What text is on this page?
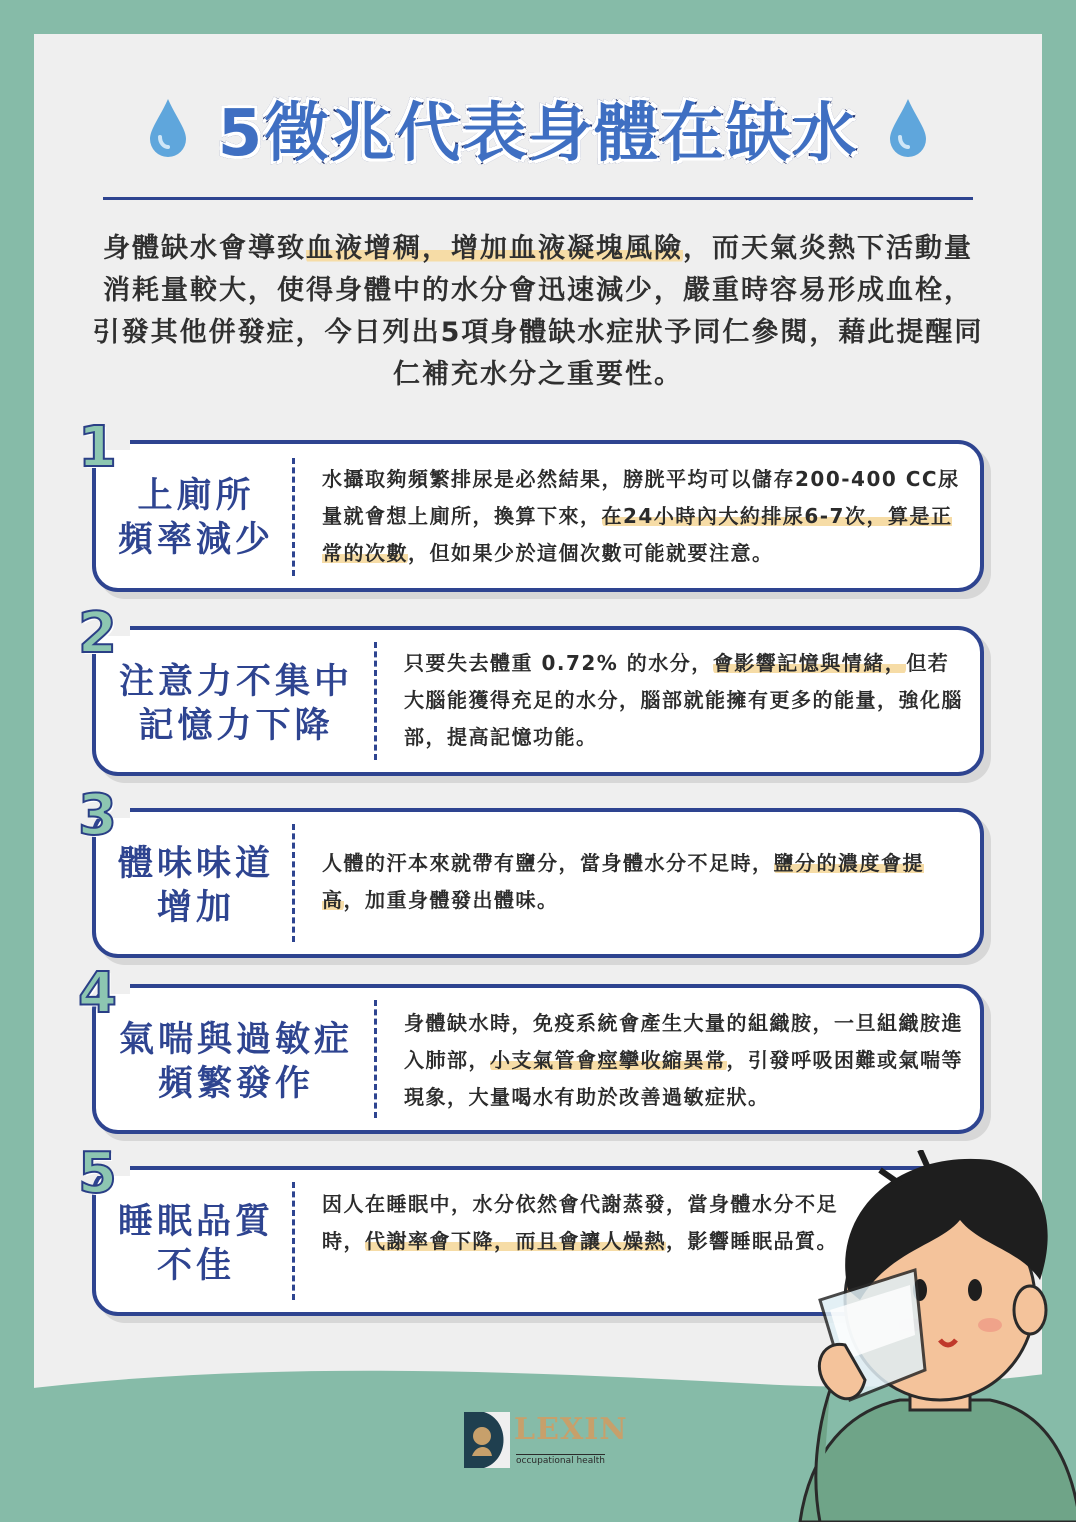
5徵兆代表身體在缺水
身體缺水會導致血液增稠，增加血液凝塊風險，而天氣炎熱下活動量消耗量較大，使得身體中的水分會迅速減少，嚴重時容易形成血栓，引發其他併發症，今日列出5項身體缺水症狀予同仁參閱，藉此提醒同仁補充水分之重要性。
1
上廁所
頻率減少
水攝取夠頻繁排尿是必然結果，膀胱平均可以儲存200-400 CC尿量就會想上廁所，換算下來，在24小時內大約排尿6-7次，算是正常的次數，但如果少於這個次數可能就要注意。
2
注意力不集中
記憶力下降
只要失去體重 0.72% 的水分，會影響記憶與情緒，但若大腦能獲得充足的水分，腦部就能擁有更多的能量，強化腦部，提高記憶功能。
3
體味味道
增加
人體的汗本來就帶有鹽分，當身體水分不足時，鹽分的濃度會提高，加重身體發出體味。
4
氣喘與過敏症
頻繁發作
身體缺水時，免疫系統會產生大量的組織胺，一旦組織胺進入肺部，小支氣管會痙攣收縮異常，引發呼吸困難或氣喘等現象，大量喝水有助於改善過敏症狀。
5
睡眠品質
不佳
因人在睡眠中，水分依然會代謝蒸發，當身體水分不足時，代謝率會下降，而且會讓人燥熱，影響睡眠品質。
LEXIN
occupational health
